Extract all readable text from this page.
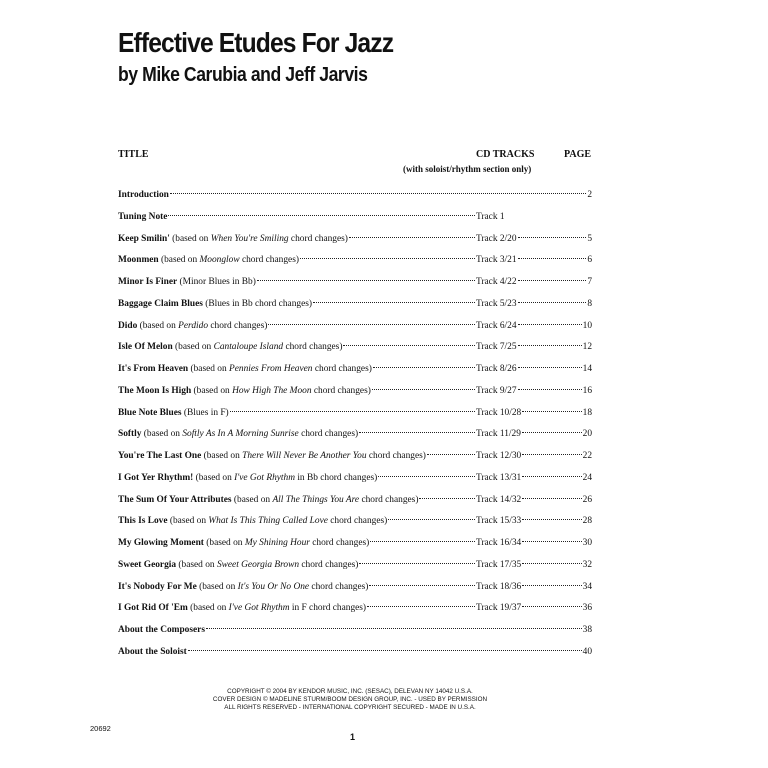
Effective Etudes For Jazz
by Mike Carubia and Jeff Jarvis
TITLE	CD TRACKS	PAGE
(with soloist/rhythm section only)
Introduction	2
Tuning Note	Track 1
Keep Smilin' (based on When You're Smiling chord changes)	Track 2/20	5
Moonmen (based on Moonglow chord changes)	Track 3/21	6
Minor Is Finer (Minor Blues in Bb)	Track 4/22	7
Baggage Claim Blues (Blues in Bb chord changes)	Track 5/23	8
Dido (based on Perdido chord changes)	Track 6/24	10
Isle Of Melon (based on Cantaloupe Island chord changes)	Track 7/25	12
It's From Heaven (based on Pennies From Heaven chord changes)	Track 8/26	14
The Moon Is High (based on How High The Moon chord changes)	Track 9/27	16
Blue Note Blues (Blues in F)	Track 10/28	18
Softly (based on Softly As In A Morning Sunrise chord changes)	Track 11/29	20
You're The Last One (based on There Will Never Be Another You chord changes)	Track 12/30	22
I Got Yer Rhythm! (based on I've Got Rhythm in Bb chord changes)	Track 13/31	24
The Sum Of Your Attributes (based on All The Things You Are chord changes)	Track 14/32	26
This Is Love (based on What Is This Thing Called Love chord changes)	Track 15/33	28
My Glowing Moment (based on My Shining Hour chord changes)	Track 16/34	30
Sweet Georgia (based on Sweet Georgia Brown chord changes)	Track 17/35	32
It's Nobody For Me (based on It's You Or No One chord changes)	Track 18/36	34
I Got Rid Of 'Em (based on I've Got Rhythm in F chord changes)	Track 19/37	36
About the Composers	38
About the Soloist	40
COPYRIGHT © 2004 BY KENDOR MUSIC, INC. (SESAC), DELEVAN NY 14042 U.S.A.
COVER DESIGN © MADELINE STURM/BOOM DESIGN GROUP, INC. - USED BY PERMISSION
ALL RIGHTS RESERVED - INTERNATIONAL COPYRIGHT SECURED - MADE IN U.S.A.
20692
1
